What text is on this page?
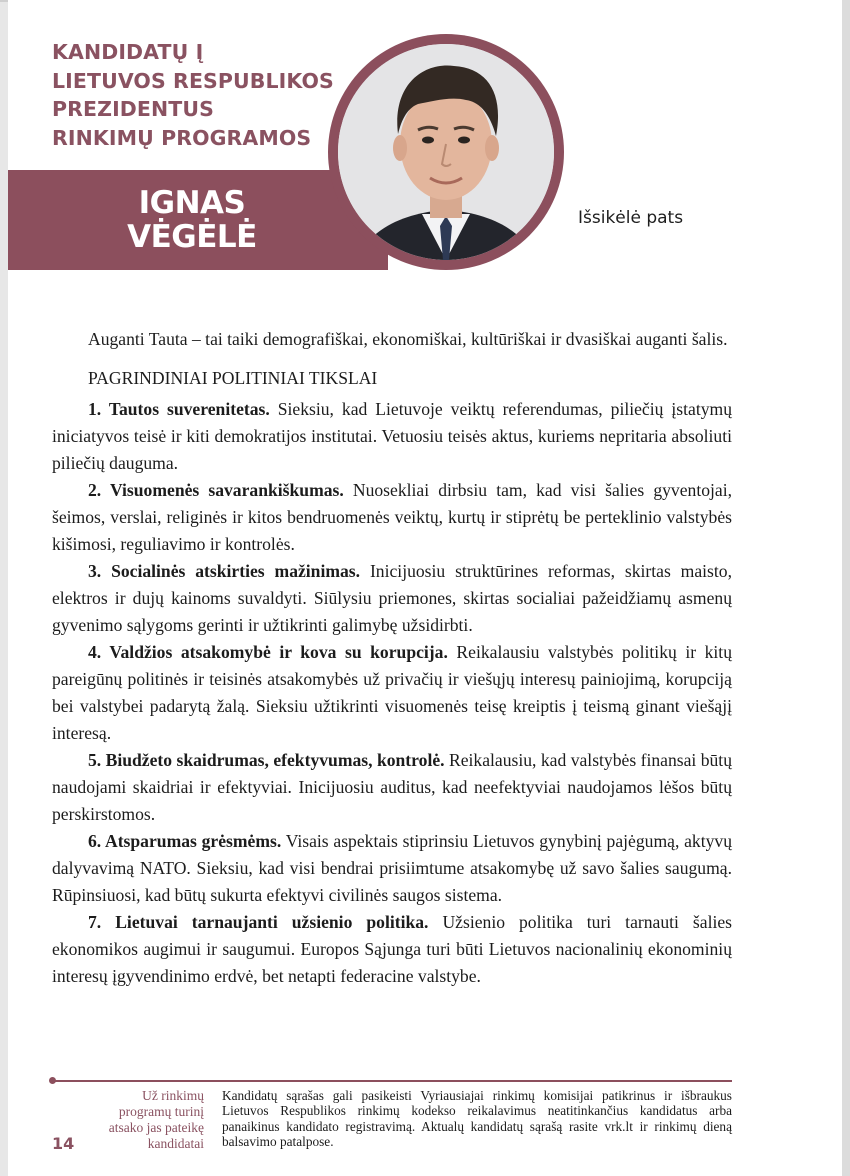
KANDIDATŲ Į
LIETUVOS RESPUBLIKOS
PREZIDENTUS
RINKIMŲ PROGRAMOS
IGNAS
VĖGĖLĖ

Išsikėlė pats

Auganti Tauta – tai taiki demografiškai, ekonomiškai, kultūriškai ir dvasiškai auganti šalis.

PAGRINDINIAI POLITINIAI TIKSLAI

1. Tautos suverenitetas. Sieksiu, kad Lietuvoje veiktų referendumas, piliečių įstatymų iniciatyvos teisė ir kiti demokratijos institutai. Vetuosiu teisės aktus, kuriems nepritaria absoliuti piliečių dauguma.

2. Visuomenės savarankiškumas. Nuosekliai dirbsiu tam, kad visi šalies gyventojai, šeimos, verslai, religinės ir kitos bendruomenės veiktų, kurtų ir stiprėtų be perteklinio valstybės kišimosi, reguliavimo ir kontrolės.

3. Socialinės atskirties mažinimas. Inicijuosiu struktūrines reformas, skirtas maisto, elektros ir dujų kainoms suvaldyti. Siūlysiu priemones, skirtas socialiai pažeidžiamų asmenų gyvenimo sąlygoms gerinti ir užtikrinti galimybę užsidirbti.

4. Valdžios atsakomybė ir kova su korupcija. Reikalausiu valstybės politikų ir kitų pareigūnų politinės ir teisinės atsakomybės už privačių ir viešųjų interesų painiojimą, korupciją bei valstybei padarytą žalą. Sieksiu užtikrinti visuomenės teisę kreiptis į teismą ginant viešąjį interesą.

5. Biudžeto skaidrumas, efektyvumas, kontrolė. Reikalausiu, kad valstybės finansai būtų naudojami skaidriai ir efektyviai. Inicijuosiu auditus, kad neefektyviai naudojamos lėšos būtų perskirstomos.

6. Atsparumas grėsmėms. Visais aspektais stiprinsiu Lietuvos gynybinį pajėgumą, aktyvų dalyvavimą NATO. Sieksiu, kad visi bendrai prisiimtume atsakomybę už savo šalies saugumą. Rūpinsiuosi, kad būtų sukurta efektyvi civilinės saugos sistema.

7. Lietuvai tarnaujanti užsienio politika. Užsienio politika turi tarnauti šalies ekonomikos augimui ir saugumui. Europos Sąjunga turi būti Lietuvos nacionalinių ekonominių interesų įgyvendinimo erdvė, bet netapti federacine valstybe.

14

Už rinkimų
programų turinį
atsako jas pateikę
kandidatai

Kandidatų sąrašas gali pasikeisti Vyriausiajai rinkimų komisijai patikrinus ir išbraukus Lietuvos Respublikos rinkimų kodekso reikalavimus neatitinkančius kandidatus arba panaikinus kandidato registravimą. Aktualų kandidatų sąrašą rasite vrk.lt ir rinkimų dieną balsavimo patalpose.
